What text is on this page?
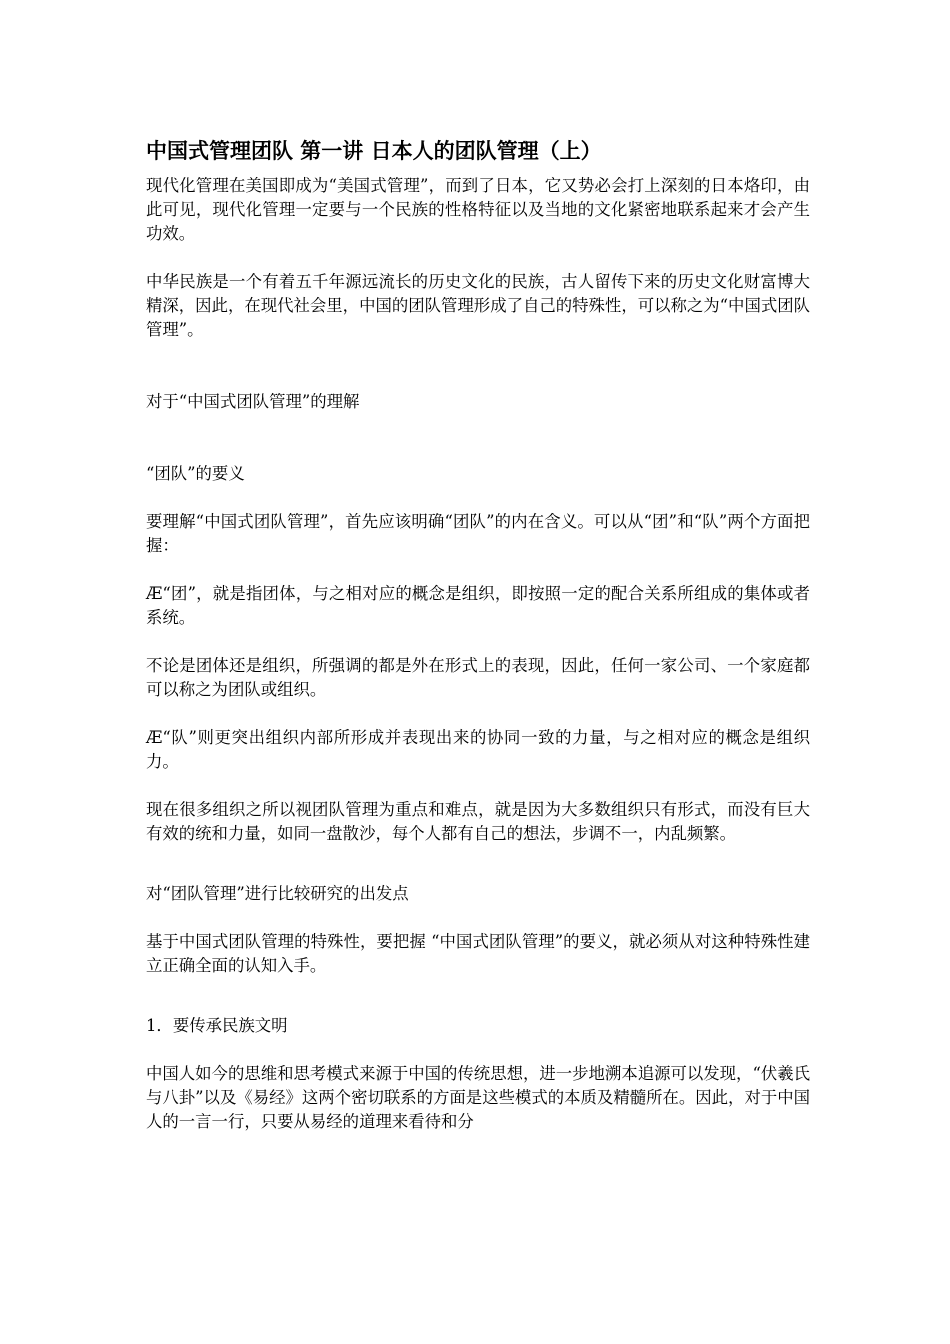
中国式管理团队 第一讲 日本人的团队管理（上）

现代化管理在美国即成为“美国式管理”，而到了日本，它又势必会打上深刻的日本烙印，由此可见，现代化管理一定要与一个民族的性格特征以及当地的文化紧密地联系起来才会产生功效。

中华民族是一个有着五千年源远流长的历史文化的民族，古人留传下来的历史文化财富博大精深，因此，在现代社会里，中国的团队管理形成了自己的特殊性，可以称之为“中国式团队管理”。

对于“中国式团队管理”的理解

“团队”的要义

要理解“中国式团队管理”，首先应该明确“团队”的内在含义。可以从“团”和“队”两个方面把握：

Æ“团”，就是指团体，与之相对应的概念是组织，即按照一定的配合关系所组成的集体或者系统。

不论是团体还是组织，所强调的都是外在形式上的表现，因此，任何一家公司、一个家庭都可以称之为团队或组织。

Æ“队”则更突出组织内部所形成并表现出来的协同一致的力量，与之相对应的概念是组织力。

现在很多组织之所以视团队管理为重点和难点，就是因为大多数组织只有形式，而没有巨大有效的统和力量，如同一盘散沙，每个人都有自己的想法，步调不一，内乱频繁。

对“团队管理”进行比较研究的出发点

基于中国式团队管理的特殊性，要把握 “中国式团队管理”的要义，就必须从对这种特殊性建立正确全面的认知入手。

1．要传承民族文明

中国人如今的思维和思考模式来源于中国的传统思想，进一步地溯本追源可以发现，“伏羲氏与八卦”以及《易经》这两个密切联系的方面是这些模式的本质及精髓所在。因此，对于中国人的一言一行，只要从易经的道理来看待和分
